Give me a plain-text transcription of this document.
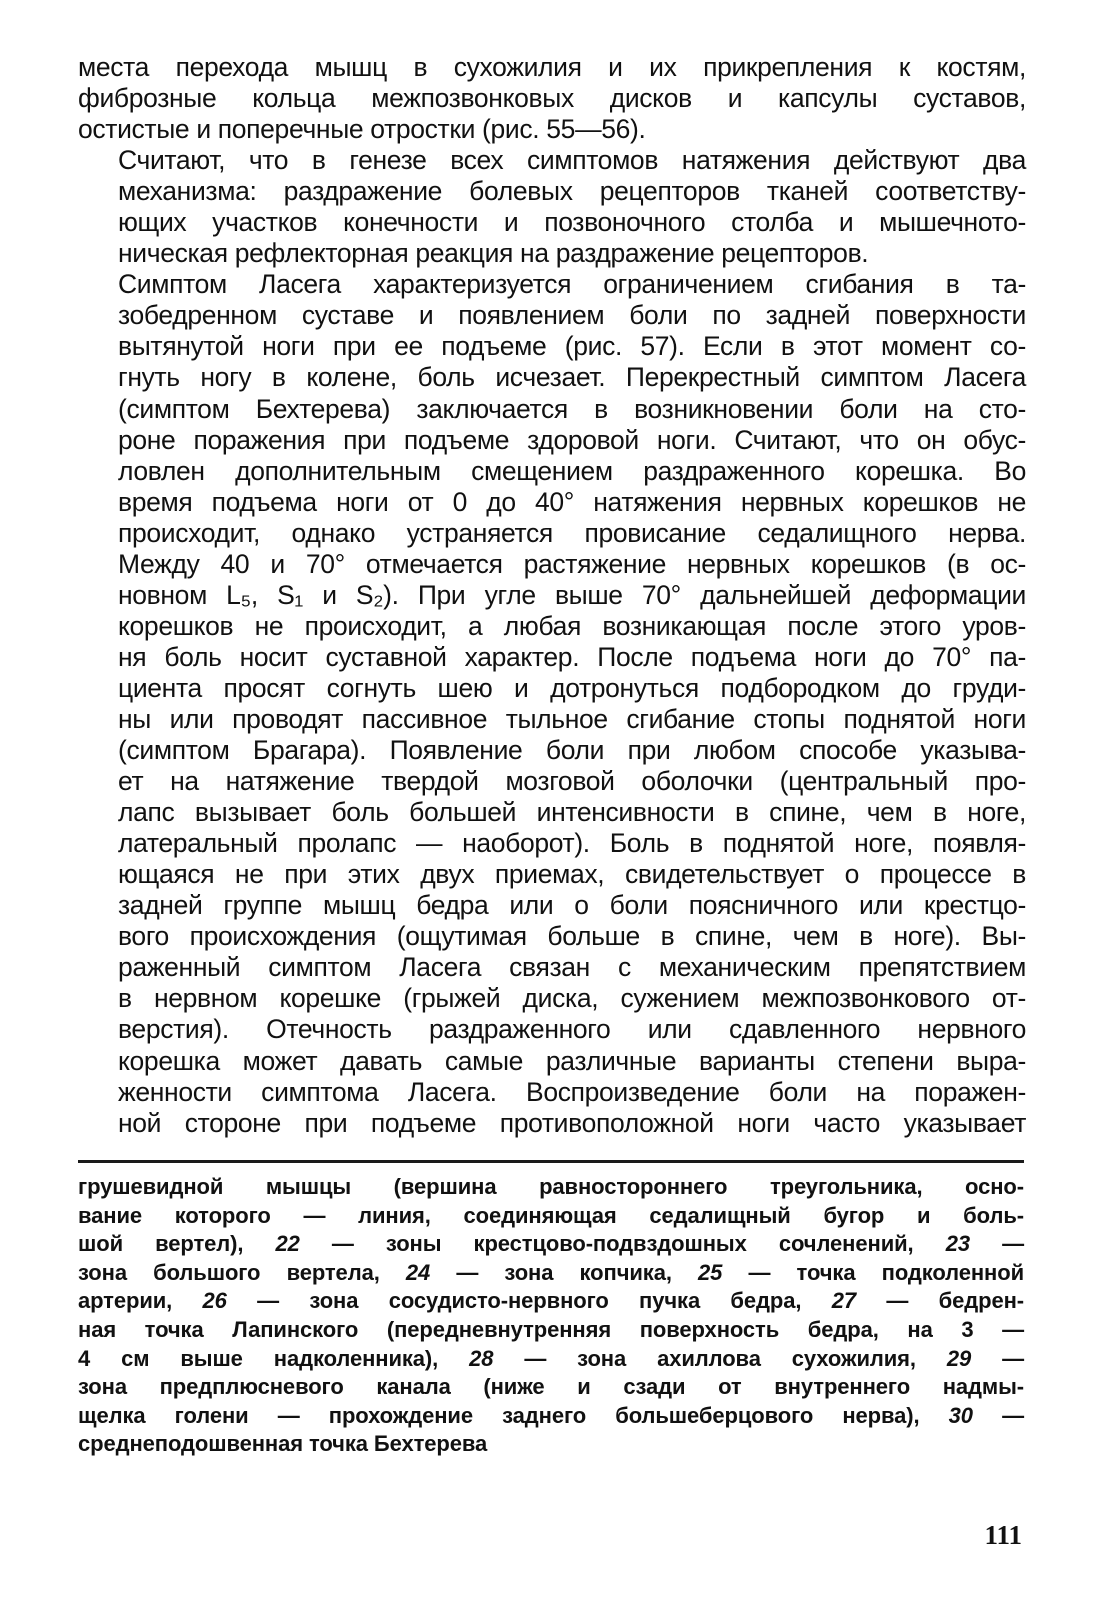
места перехода мышц в сухожилия и их прикрепления к костям,
фиброзные кольца межпозвонковых дисков и капсулы суставов,
остистые и поперечные отростки (рис. 55—56).

Считают, что в генезе всех симптомов натяжения действуют два
механизма: раздражение болевых рецепторов тканей соответству-
ющих участков конечности и позвоночного столба и мышечното-
ническая рефлекторная реакция на раздражение рецепторов.

Симптом Ласега характеризуется ограничением сгибания в та-
зобедренном суставе и появлением боли по задней поверхности
вытянутой ноги при ее подъеме (рис. 57). Если в этот момент со-
гнуть ногу в колене, боль исчезает. Перекрестный симптом Ласега
(симптом Бехтерева) заключается в возникновении боли на сто-
роне поражения при подъеме здоровой ноги. Считают, что он обус-
ловлен дополнительным смещением раздраженного корешка. Во
время подъема ноги от 0 до 40° натяжения нервных корешков не
происходит, однако устраняется провисание седалищного нерва.
Между 40 и 70° отмечается растяжение нервных корешков (в ос-
новном L₅, S₁ и S₂). При угле выше 70° дальнейшей деформации
корешков не происходит, а любая возникающая после этого уров-
ня боль носит суставной характер. После подъема ноги до 70° па-
циента просят согнуть шею и дотронуться подбородком до груди-
ны или проводят пассивное тыльное сгибание стопы поднятой ноги
(симптом Брагара). Появление боли при любом способе указыва-
ет на натяжение твердой мозговой оболочки (центральный про-
лапс вызывает боль большей интенсивности в спине, чем в ноге,
латеральный пролапс — наоборот). Боль в поднятой ноге, появля-
ющаяся не при этих двух приемах, свидетельствует о процессе в
задней группе мышц бедра или о боли поясничного или крестцо-
вого происхождения (ощутимая больше в спине, чем в ноге). Вы-
раженный симптом Ласега связан с механическим препятствием
в нервном корешке (грыжей диска, сужением межпозвонкового от-
верстия). Отечность раздраженного или сдавленного нервного
корешка может давать самые различные варианты степени выра-
женности симптома Ласега. Воспроизведение боли на поражен-
ной стороне при подъеме противоположной ноги часто указывает

грушевидной мышцы (вершина равностороннего треугольника, осно-
вание которого — линия, соединяющая седалищный бугор и боль-
шой вертел), 22 — зоны крестцово-подвздошных сочленений, 23 —
зона большого вертела, 24 — зона копчика, 25 — точка подколенной
артерии, 26 — зона сосудисто-нервного пучка бедра, 27 — бедрен-
ная точка Лапинского (передневнутренняя поверхность бедра, на 3 —
4 см выше надколенника), 28 — зона ахиллова сухожилия, 29 —
зона предплюсневого канала (ниже и сзади от внутреннего надмы-
щелка голени — прохождение заднего большеберцового нерва), 30 —
среднеподошвенная точка Бехтерева
111
